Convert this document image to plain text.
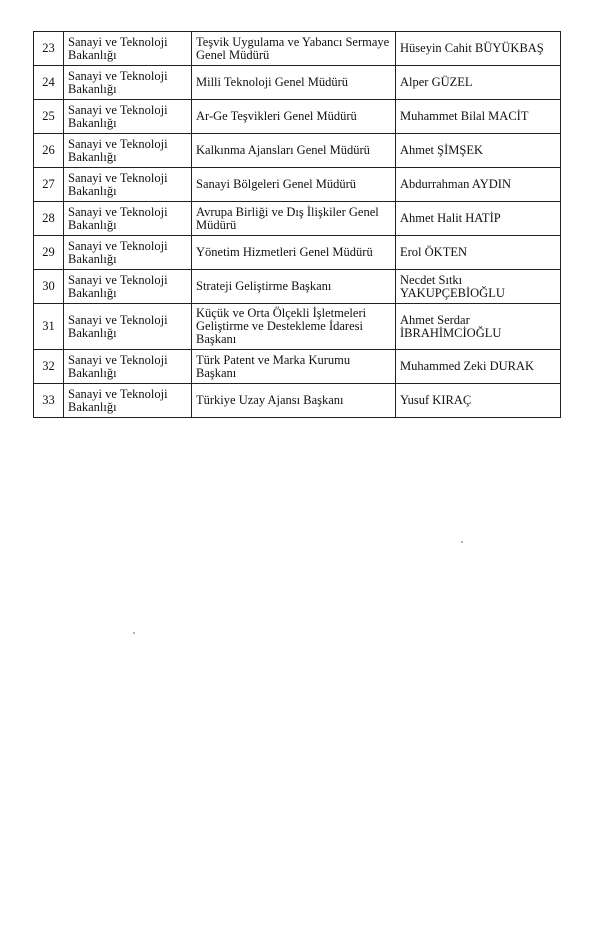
23	Sanayi ve Teknoloji Bakanlığı	Teşvik Uygulama ve Yabancı Sermaye Genel Müdürü	Hüseyin Cahit BÜYÜKBAŞ
24	Sanayi ve Teknoloji Bakanlığı	Milli Teknoloji Genel Müdürü	Alper GÜZEL
25	Sanayi ve Teknoloji Bakanlığı	Ar-Ge Teşvikleri Genel Müdürü	Muhammet Bilal MACİT
26	Sanayi ve Teknoloji Bakanlığı	Kalkınma Ajansları Genel Müdürü	Ahmet ŞİMŞEK
27	Sanayi ve Teknoloji Bakanlığı	Sanayi Bölgeleri Genel Müdürü	Abdurrahman AYDIN
28	Sanayi ve Teknoloji Bakanlığı	Avrupa Birliği ve Dış İlişkiler Genel Müdürü	Ahmet Halit HATİP
29	Sanayi ve Teknoloji Bakanlığı	Yönetim Hizmetleri Genel Müdürü	Erol ÖKTEN
30	Sanayi ve Teknoloji Bakanlığı	Strateji Geliştirme Başkanı	Necdet Sıtkı YAKUPÇEBİOĞLU
31	Sanayi ve Teknoloji Bakanlığı	Küçük ve Orta Ölçekli İşletmeleri Geliştirme ve Destekleme İdaresi Başkanı	Ahmet Serdar İBRAHİMCİOĞLU
32	Sanayi ve Teknoloji Bakanlığı	Türk Patent ve Marka Kurumu Başkanı	Muhammed Zeki DURAK
33	Sanayi ve Teknoloji Bakanlığı	Türkiye Uzay Ajansı Başkanı	Yusuf KIRAÇ
